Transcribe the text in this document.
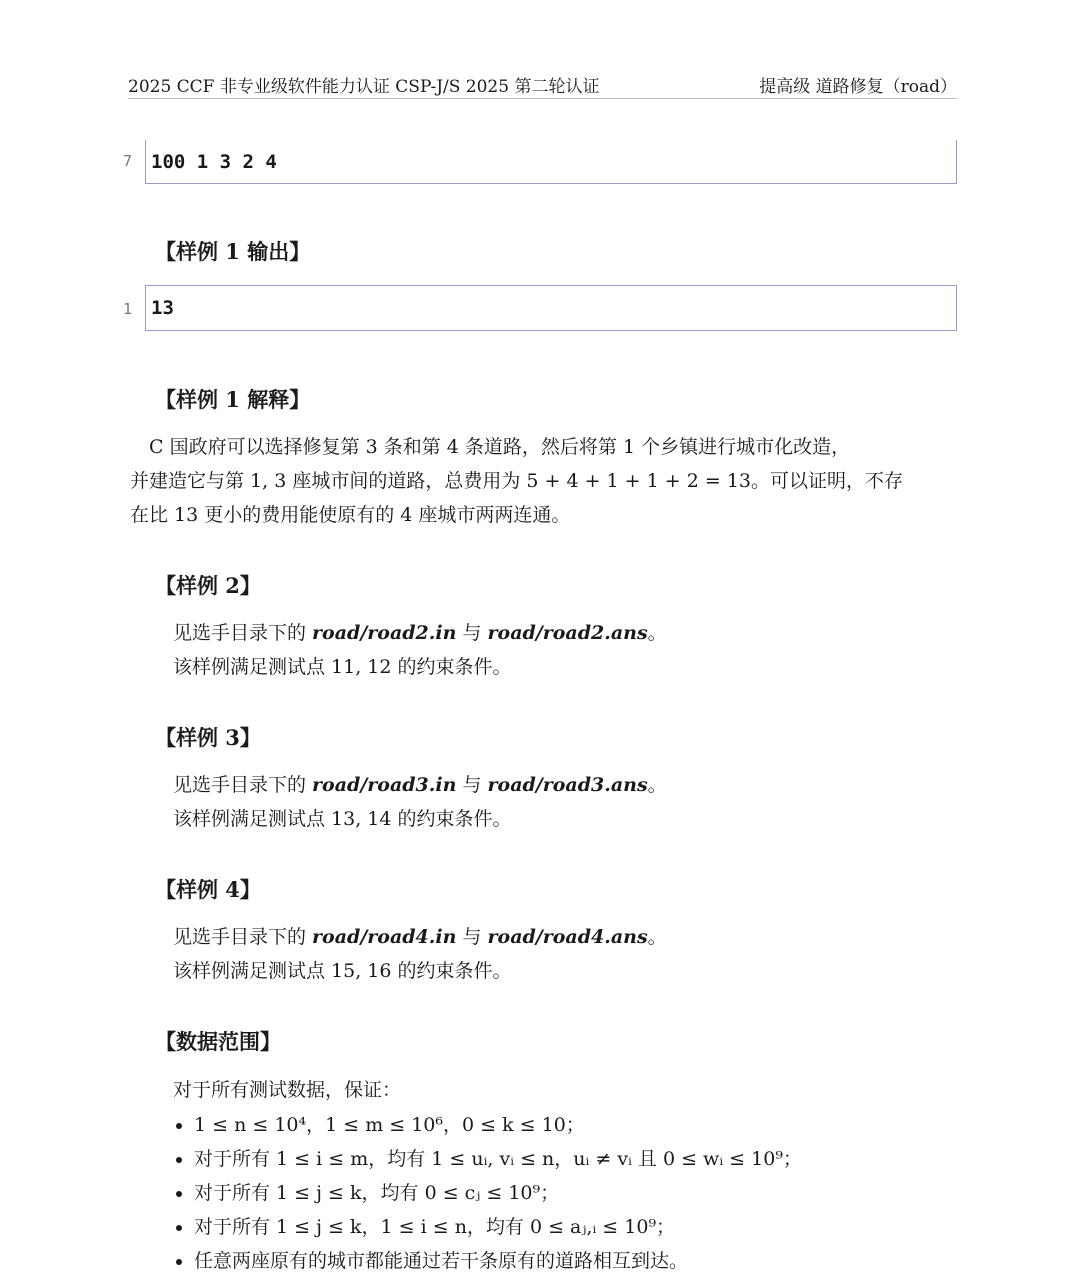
2025 CCF 非专业级软件能力认证 CSP-J/S 2025 第二轮认证	提高级 道路修复（road）
7 100 1 3 2 4
【样例 1 输出】
1 13
【样例 1 解释】
　C 国政府可以选择修复第 3 条和第 4 条道路，然后将第 1 个乡镇进行城市化改造，
并建造它与第 1, 3 座城市间的道路，总费用为 5 + 4 + 1 + 1 + 2 = 13。可以证明，不存
在比 13 更小的费用能使原有的 4 座城市两两连通。
【样例 2】
见选手目录下的 road/road2.in 与 road/road2.ans。
该样例满足测试点 11, 12 的约束条件。
【样例 3】
见选手目录下的 road/road3.in 与 road/road3.ans。
该样例满足测试点 13, 14 的约束条件。
【样例 4】
见选手目录下的 road/road4.in 与 road/road4.ans。
该样例满足测试点 15, 16 的约束条件。
【数据范围】
对于所有测试数据，保证：
• 1 ≤ n ≤ 10⁴，1 ≤ m ≤ 10⁶，0 ≤ k ≤ 10；
• 对于所有 1 ≤ i ≤ m，均有 1 ≤ uᵢ, vᵢ ≤ n，uᵢ ≠ vᵢ 且 0 ≤ wᵢ ≤ 10⁹；
• 对于所有 1 ≤ j ≤ k，均有 0 ≤ cⱼ ≤ 10⁹；
• 对于所有 1 ≤ j ≤ k，1 ≤ i ≤ n，均有 0 ≤ aⱼ,ᵢ ≤ 10⁹；
• 任意两座原有的城市都能通过若干条原有的道路相互到达。
